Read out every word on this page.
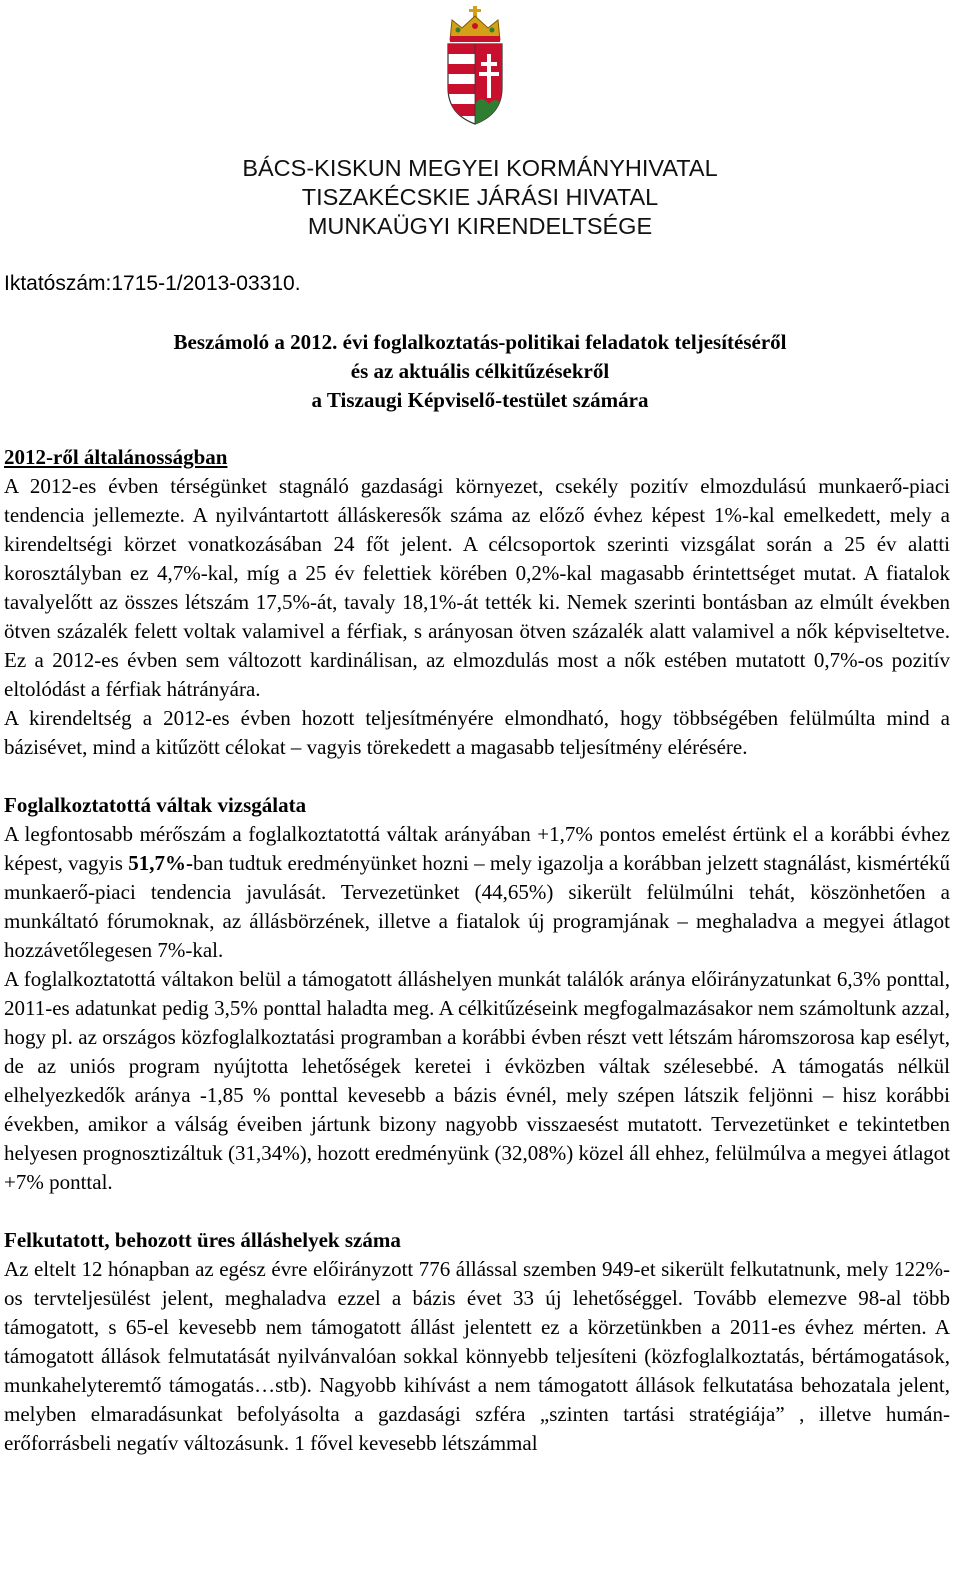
BÁCS-KISKUN MEGYEI KORMÁNYHIVATAL
TISZAKÉCSKIE JÁRÁSI HIVATAL
MUNKAÜGYI KIRENDELTSÉGE
Iktatószám:1715-1/2013-03310.
Beszámoló a 2012. évi foglalkoztatás-politikai feladatok teljesítéséről
és az aktuális célkitűzésekről
a Tiszaugi Képviselő-testület számára
2012-ről általánosságban

A 2012-es évben térségünket stagnáló gazdasági környezet, csekély pozitív elmozdulású munkaerő-piaci tendencia jellemezte. A nyilvántartott álláskeresők száma az előző évhez képest 1%-kal emelkedett, mely a kirendeltségi körzet vonatkozásában 24 főt jelent. A célcsoportok szerinti vizsgálat során a 25 év alatti korosztályban ez 4,7%-kal, míg a 25 év felettiek körében 0,2%-kal magasabb érintettséget mutat. A fiatalok tavalyelőtt az összes létszám 17,5%-át, tavaly 18,1%-át tették ki. Nemek szerinti bontásban az elmúlt években ötven százalék felett voltak valamivel a férfiak, s arányosan ötven százalék alatt valamivel a nők képviseltetve. Ez a 2012-es évben sem változott kardinálisan, az elmozdulás most a nők estében mutatott 0,7%-os pozitív eltolódást a férfiak hátrányára.

A kirendeltség a 2012-es évben hozott teljesítményére elmondható, hogy többségében felülmúlta mind a bázisévet, mind a kitűzött célokat – vagyis törekedett a magasabb teljesítmény elérésére.

Foglalkoztatottá váltak vizsgálata

A legfontosabb mérőszám a foglalkoztatottá váltak arányában +1,7% pontos emelést értünk el a korábbi évhez képest, vagyis 51,7%-ban tudtuk eredményünket hozni – mely igazolja a korábban jelzett stagnálást, kismértékű munkaerő-piaci tendencia javulását. Tervezetünket (44,65%) sikerült felülmúlni tehát, köszönhetően a munkáltató fórumoknak, az állásbörzének, illetve a fiatalok új programjának – meghaladva a megyei átlagot hozzávetőlegesen 7%-kal.

A foglalkoztatottá váltakon belül a támogatott álláshelyen munkát találók aránya előirányzatunkat 6,3% ponttal, 2011-es adatunkat pedig 3,5% ponttal haladta meg. A célkitűzéseink megfogalmazásakor nem számoltunk azzal, hogy pl. az országos közfoglalkoztatási programban a korábbi évben részt vett létszám háromszorosa kap esélyt, de az uniós program nyújtotta lehetőségek keretei i évközben váltak szélesebbé. A támogatás nélkül elhelyezkedők aránya -1,85 % ponttal kevesebb a bázis évnél, mely szépen látszik feljönni – hisz korábbi években, amikor a válság éveiben jártunk bizony nagyobb visszaesést mutatott. Tervezetünket e tekintetben helyesen prognosztizáltuk (31,34%), hozott eredményünk (32,08%) közel áll ehhez, felülmúlva a megyei átlagot +7% ponttal.

Felkutatott, behozott üres álláshelyek száma

Az eltelt 12 hónapban az egész évre előirányzott 776 állással szemben 949-et sikerült felkutatnunk, mely 122%-os tervteljesülést jelent, meghaladva ezzel a bázis évet 33 új lehetőséggel. Tovább elemezve 98-al több támogatott, s 65-el kevesebb nem támogatott állást jelentett ez a körzetünkben a 2011-es évhez mérten. A támogatott állások felmutatását nyilvánvalóan sokkal könnyebb teljesíteni (közfoglalkoztatás, bértámogatások, munkahelyteremtő támogatás…stb). Nagyobb kihívást a nem támogatott állások felkutatása behozatala jelent, melyben elmaradásunkat befolyásolta a gazdasági szféra „szinten tartási stratégiája” , illetve humán-erőforrásbeli negatív változásunk. 1 fővel kevesebb létszámmal
